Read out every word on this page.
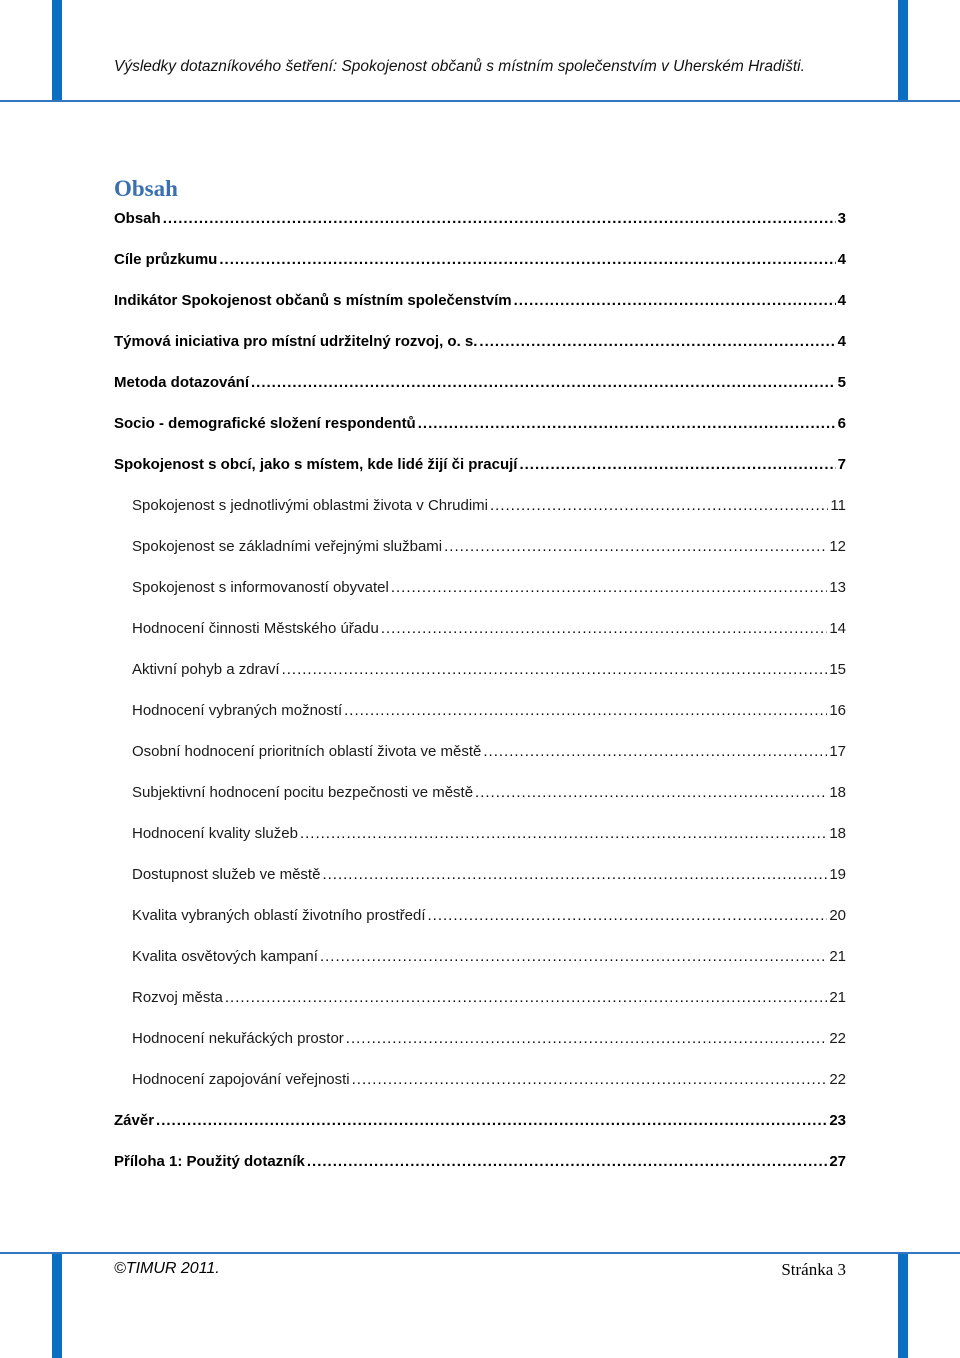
Výsledky dotazníkového šetření: Spokojenost občanů s místním společenstvím v Uherském Hradišti.
Obsah
Obsah .....	3
Cíle průzkumu .....	4
Indikátor Spokojenost občanů s místním společenstvím .....	4
Týmová iniciativa pro místní udržitelný rozvoj, o. s. .....	4
Metoda dotazování .....	5
Socio - demografické složení respondentů .....	6
Spokojenost s obcí, jako s místem, kde lidé žijí či pracují .....	7
Spokojenost s jednotlivými oblastmi života v Chrudimi .....	11
Spokojenost se základními veřejnými službami .....	12
Spokojenost s informovaností obyvatel .....	13
Hodnocení činnosti Městského úřadu .....	14
Aktivní pohyb a zdraví .....	15
Hodnocení vybraných možností .....	16
Osobní hodnocení prioritních oblastí života ve městě .....	17
Subjektivní hodnocení pocitu bezpečnosti ve městě .....	18
Hodnocení kvality služeb .....	18
Dostupnost služeb ve městě .....	19
Kvalita vybraných oblastí životního prostředí .....	20
Kvalita osvětových kampaní .....	21
Rozvoj města .....	21
Hodnocení nekuřáckých prostor .....	22
Hodnocení zapojování veřejnosti .....	22
Závěr .....	23
Příloha 1: Použitý dotazník .....	27
©TIMUR 2011.	Stránka 3
